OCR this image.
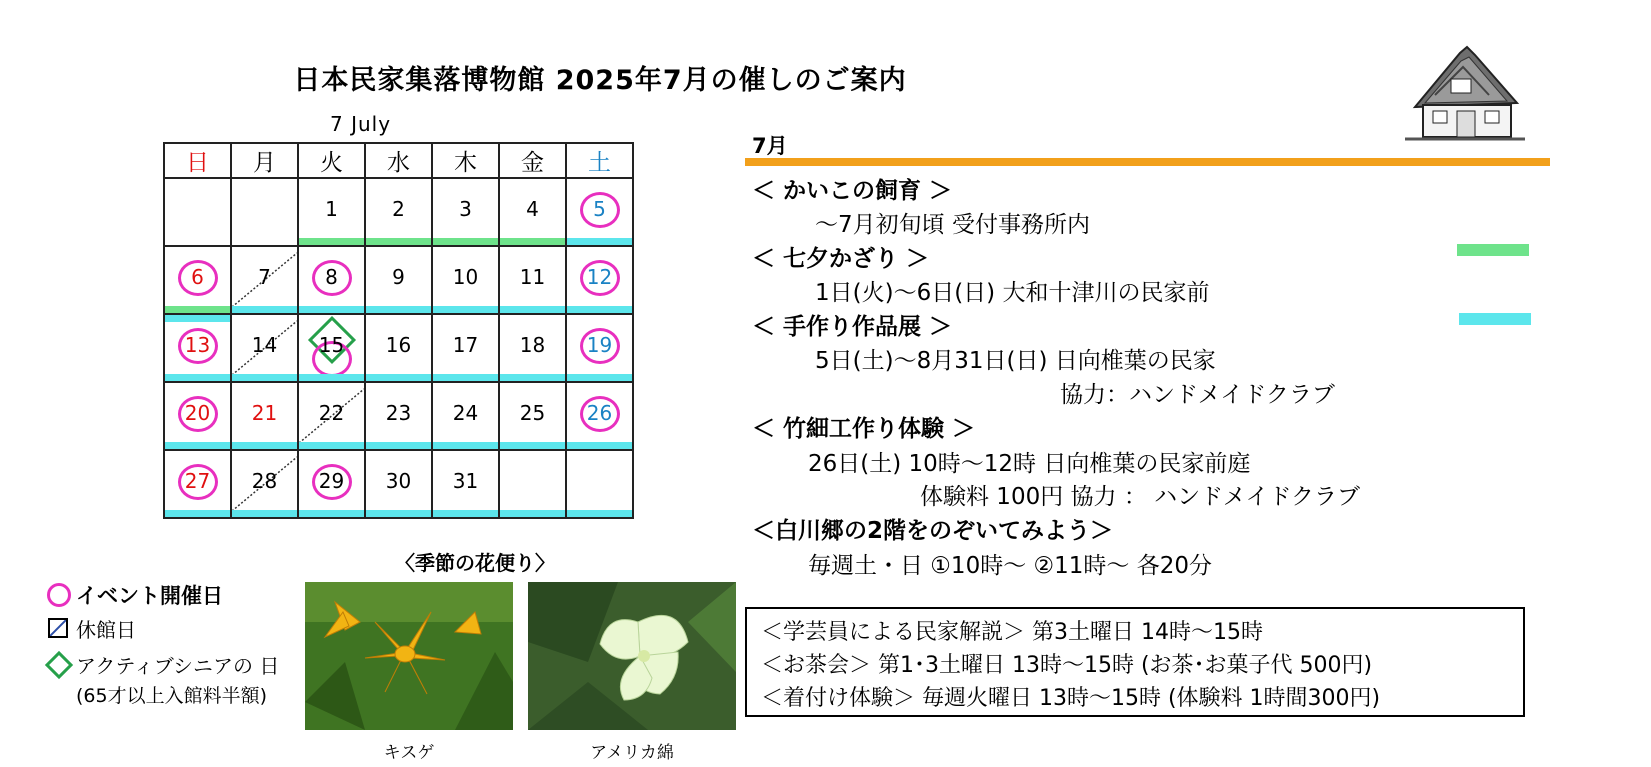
日本民家集落博物館 2025年7月の催しのご案内
7 July
日	月	火	水	木	金	土

		1	2	3	4	5

6	7	8	9	10	11	12

13	14	15	16	17	18	19

20	21	22	23	24	25	26

27	28	29	30	31		

イベント開催日
休館日
アクティブシニアの 日
(65才以上入館料半額)
〈季節の花便り〉
キスゲ	アメリカ綿
7月
＜ かいこの飼育 ＞
～7月初旬頃 受付事務所内
＜ 七夕かざり ＞
1日(火)～6日(日) 大和十津川の民家前
＜ 手作り作品展 ＞
5日(土)～8月31日(日) 日向椎葉の民家
協力：ハンドメイドクラブ
＜ 竹細工作り体験 ＞
26日(土) 10時～12時 日向椎葉の民家前庭
体験料 100円 協力 ： ハンドメイドクラブ
＜白川郷の2階をのぞいてみよう＞
毎週土・日 ①10時～ ②11時～ 各20分
＜学芸員による民家解説＞ 第3土曜日 14時～15時
＜お茶会＞ 第1･3土曜日 13時～15時 (お茶･お菓子代 500円)
＜着付け体験＞ 毎週火曜日 13時～15時 (体験料 1時間300円)
